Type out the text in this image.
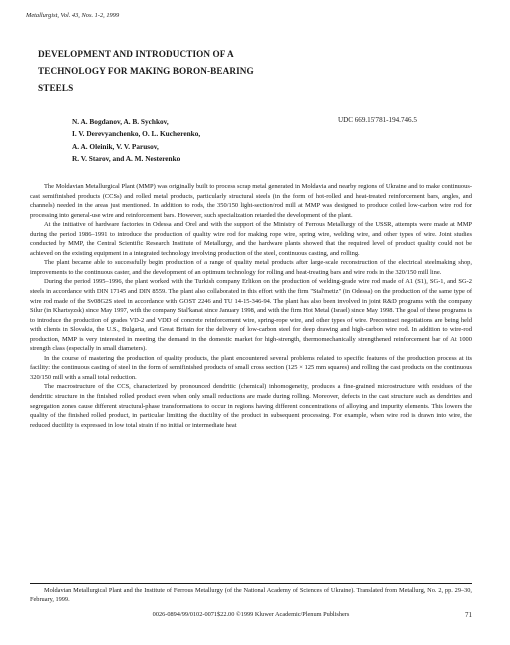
Metallurgist, Vol. 43, Nos. 1-2, 1999
DEVELOPMENT AND INTRODUCTION OF A
TECHNOLOGY FOR MAKING BORON-BEARING
STEELS
N. A. Bogdanov, A. B. Sychkov,
I. V. Derevyanchenko, O. L. Kucherenko,
A. A. Oleinik, V. V. Parusov,
R. V. Starov, and A. M. Nesterenko
UDC 669.15'781-194.746.5

The Moldavian Metallurgical Plant (MMP) was originally built to process scrap metal generated in Moldavia and nearby regions of Ukraine and to make continuous-cast semifinished products (CCSs) and rolled metal products, particularly structural steels (in the form of hot-rolled and heat-treated reinforcement bars, angles, and channels) needed in the areas just mentioned. In addition to rods, the 350/150 light-section/rod mill at MMP was designed to produce coiled low-carbon wire rod for processing into general-use wire and reinforcement bars. However, such specialization retarded the development of the plant.

At the initiative of hardware factories in Odessa and Orel and with the support of the Ministry of Ferrous Metallurgy of the USSR, attempts were made at MMP during the period 1986–1991 to introduce the production of quality wire rod for making rope wire, spring wire, welding wire, and other types of wire. Joint studies conducted by MMP, the Central Scientific Research Institute of Metallurgy, and the hardware plants showed that the required level of product quality could not be achieved on the existing equipment in a integrated technology involving production of the steel, continuous casting, and rolling.

The plant became able to successfully begin production of a range of quality metal products after large-scale reconstruction of the electrical steelmaking shop, improvements to the continuous caster, and the development of an optimum technology for rolling and heat-treating bars and wire rods in the 320/150 mill line.

During the period 1995–1996, the plant worked with the Turkish company Erlikon on the production of welding-grade wire rod made of A1 (S1), SG-1, and SG-2 steels in accordance with DIN 17145 and DIN 8559. The plant also collaborated in this effort with the firm "Stal'metiz" (in Odessa) on the production of the same type of wire rod made of the Sv08G2S steel in accordance with GOST 2246 and TU 14-15-346-94. The plant has also been involved in joint R&D programs with the company Silur (in Khartsyzsk) since May 1997, with the company Stal'kanat since January 1998, and with the firm Hot Metal (Israel) since May 1998. The goal of these programs is to introduce the production of grades VD-2 and VDD of concrete reinforcement wire, spring-rope wire, and other types of wire. Precontract negotiations are being held with clients in Slovakia, the U.S., Bulgaria, and Great Britain for the delivery of low-carbon steel for deep drawing and high-carbon wire rod. In addition to wire-rod production, MMP is very interested in meeting the demand in the domestic market for high-strength, thermomechanically strengthened reinforcement bar of At 1000 strength class (especially in small diameters).

In the course of mastering the production of quality products, the plant encountered several problems related to specific features of the production process at its facility: the continuous casting of steel in the form of semifinished products of small cross section (125 × 125 mm squares) and rolling the cast products on the continuous 320/150 mill with a small total reduction.

The macrostructure of the CCS, characterized by pronounced dendritic (chemical) inhomogeneity, produces a fine-grained microstructure with residues of the dendritic structure in the finished rolled product even when only small reductions are made during rolling. Moreover, defects in the cast structure such as dendrites and segregation zones cause different structural-phase transformations to occur in regions having different concentrations of alloying and impurity elements. This lowers the quality of the finished rolled product, in particular limiting the ductility of the product in subsequent processing. For example, when wire rod is drawn into wire, the reduced ductility is expressed in low total strain if no initial or intermediate heat

Moldavian Metallurgical Plant and the Institute of Ferrous Metallurgy (of the National Academy of Sciences of Ukraine). Translated from Metallurg, No. 2, pp. 29–30, February, 1999.

0026-0894/99/0102-0071$22.00 ©1999 Kluwer Academic/Plenum Publishers	71
